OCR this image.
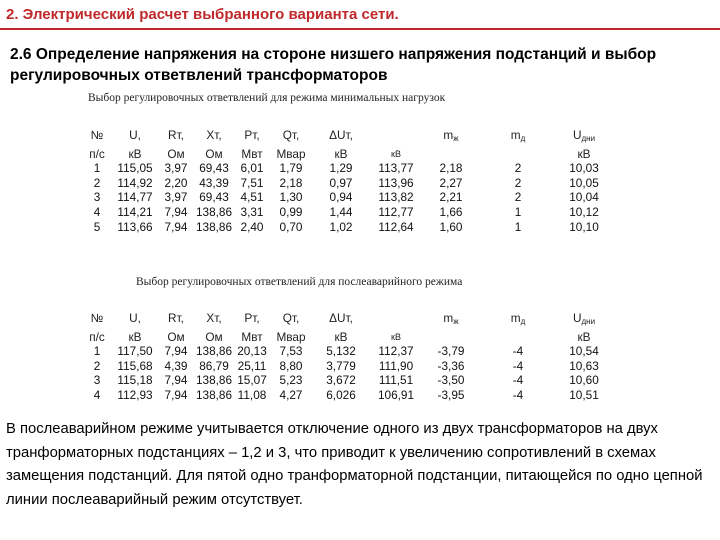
2. Электрический расчет выбранного варианта сети.
2.6 Определение напряжения на стороне низшего напряжения подстанций и выбор регулировочных ответвлений трансформаторов
Выбор регулировочных ответвлений для режима минимальных нагрузок
№	U,	Rт,	Xт,	Pт,	Qт,	ΔUт,		$m_ж$	$m_д$	$U_{дни}$
п/с	кВ	Ом	Ом	Мвт	Мвар	кВ	кВ			кВ
1	115,05	3,97	69,43	6,01	1,79	1,29	113,77	2,18	2	10,03
2	114,92	2,20	43,39	7,51	2,18	0,97	113,96	2,27	2	10,05
3	114,77	3,97	69,43	4,51	1,30	0,94	113,82	2,21	2	10,04
4	114,21	7,94	138,86	3,31	0,99	1,44	112,77	1,66	1	10,12
5	113,66	7,94	138,86	2,40	0,70	1,02	112,64	1,60	1	10,10
Выбор регулировочных ответвлений для послеаварийного режима
№	U,	Rт,	Xт,	Pт,	Qт,	ΔUт,		$m_ж$	$m_д$	$U_{дни}$
п/с	кВ	Ом	Ом	Мвт	Мвар	кВ	кВ			кВ
1	117,50	7,94	138,86	20,13	7,53	5,132	112,37	-3,79	-4	10,54
2	115,68	4,39	86,79	25,11	8,80	3,779	111,90	-3,36	-4	10,63
3	115,18	7,94	138,86	15,07	5,23	3,672	111,51	-3,50	-4	10,60
4	112,93	7,94	138,86	11,08	4,27	6,026	106,91	-3,95	-4	10,51
В послеаварийном режиме учитывается отключение одного из двух трансформаторов на двух транформаторных подстанциях – 1,2 и 3, что приводит к увеличению сопротивлений в схемах замещения подстанций. Для пятой одно транформаторной подстанции, питающейся по одно цепной линии послеаварийный режим отсутствует.
